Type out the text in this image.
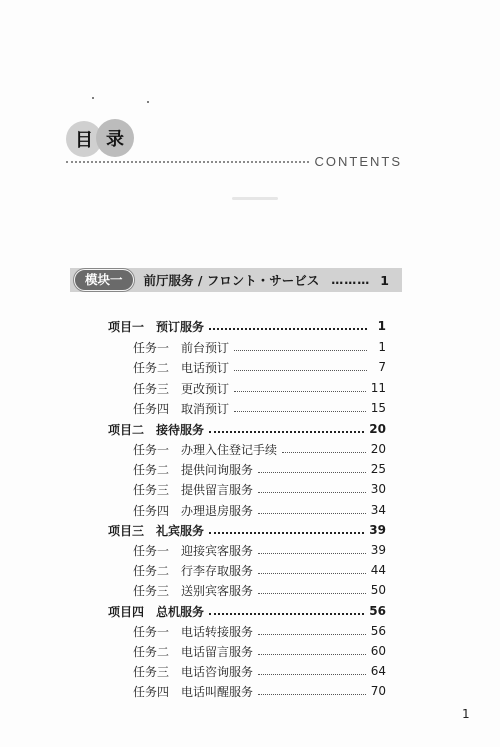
目 录
CONTENTS
模块一	前厅服务 / フロント・サービス ……… 1
项目一 预订服务	1
任务一 前台预订	1
任务二 电话预订	7
任务三 更改预订	11
任务四 取消预订	15
项目二 接待服务	20
任务一 办理入住登记手续	20
任务二 提供问询服务	25
任务三 提供留言服务	30
任务四 办理退房服务	34
项目三 礼宾服务	39
任务一 迎接宾客服务	39
任务二 行李存取服务	44
任务三 送别宾客服务	50
项目四 总机服务	56
任务一 电话转接服务	56
任务二 电话留言服务	60
任务三 电话咨询服务	64
任务四 电话叫醒服务	70
1
